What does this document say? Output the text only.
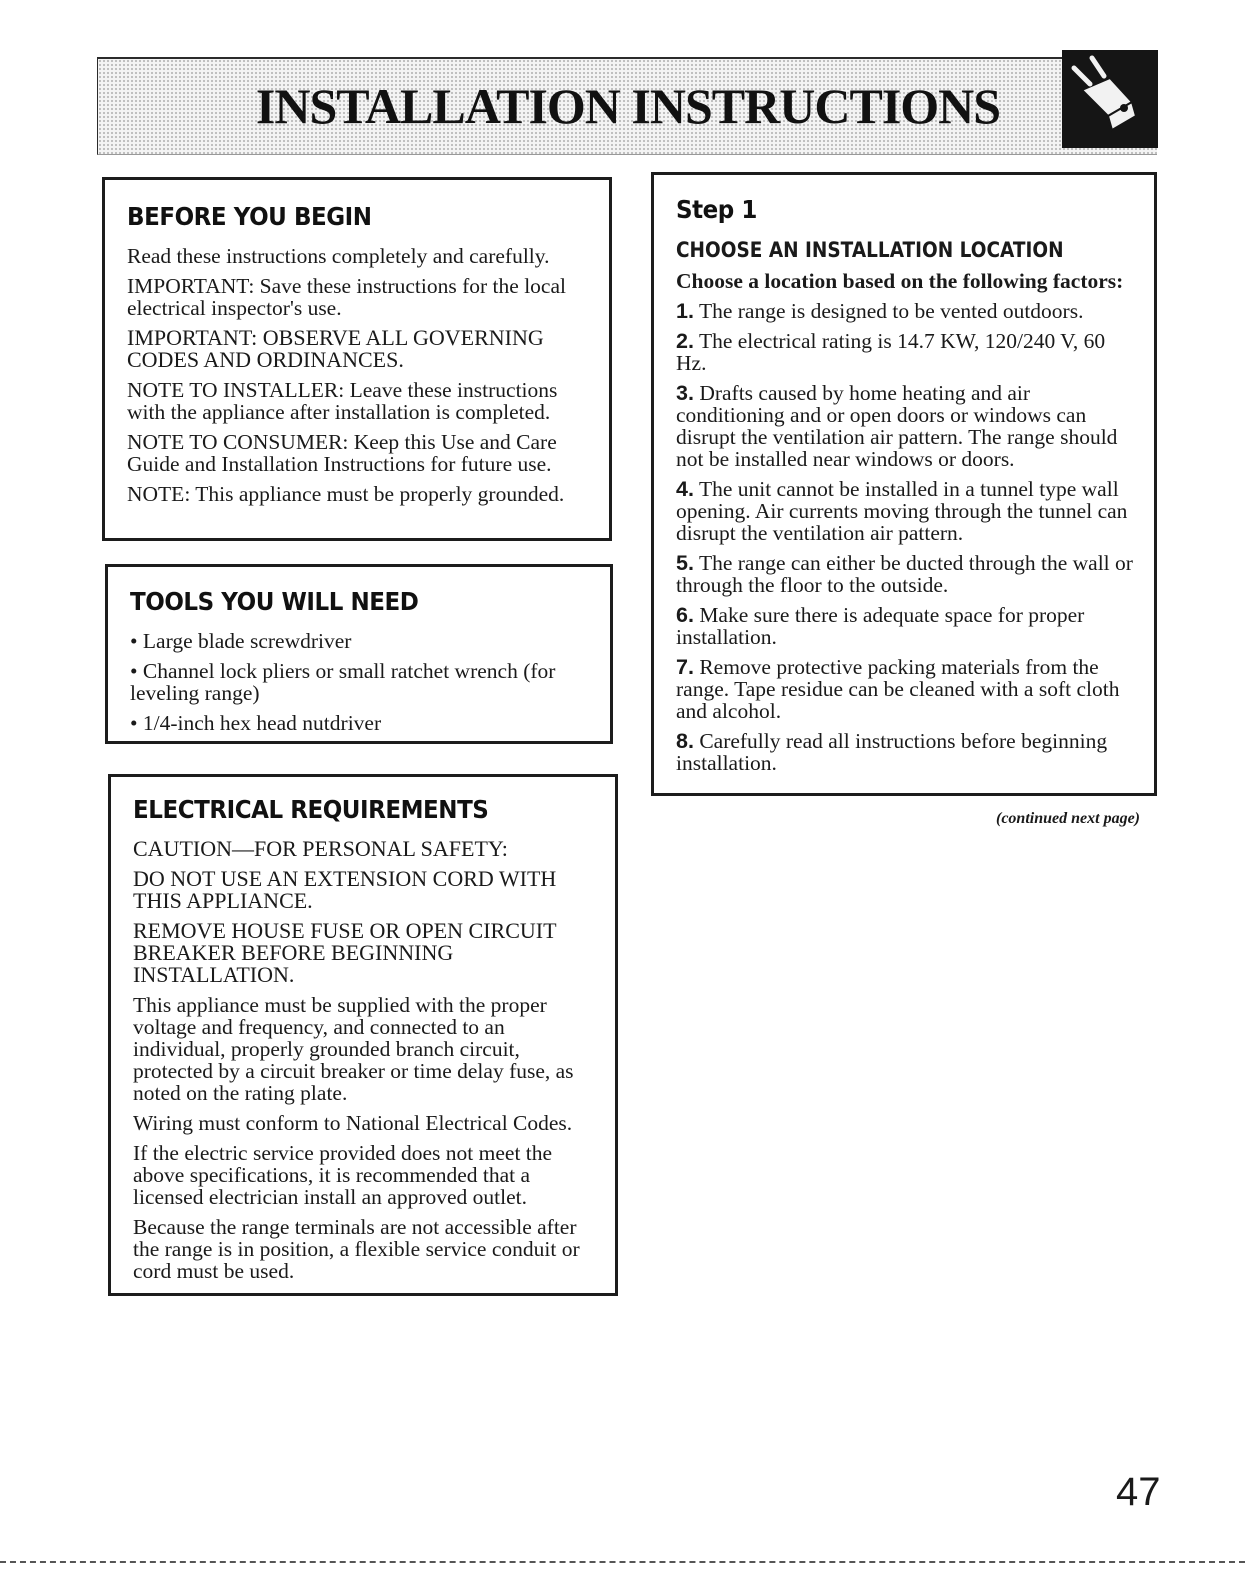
INSTALLATION INSTRUCTIONS
BEFORE YOU BEGIN

Read these instructions completely and carefully.

IMPORTANT: Save these instructions for the local electrical inspector's use.

IMPORTANT: OBSERVE ALL GOVERNING CODES AND ORDINANCES.

NOTE TO INSTALLER: Leave these instructions with the appliance after installation is completed.

NOTE TO CONSUMER: Keep this Use and Care Guide and Installation Instructions for future use.

NOTE: This appliance must be properly grounded.

TOOLS YOU WILL NEED

• Large blade screwdriver

• Channel lock pliers or small ratchet wrench (for leveling range)

• 1/4-inch hex head nutdriver

ELECTRICAL REQUIREMENTS

CAUTION—FOR PERSONAL SAFETY:

DO NOT USE AN EXTENSION CORD WITH THIS APPLIANCE.

REMOVE HOUSE FUSE OR OPEN CIRCUIT BREAKER BEFORE BEGINNING INSTALLATION.

This appliance must be supplied with the proper voltage and frequency, and connected to an individual, properly grounded branch circuit, protected by a circuit breaker or time delay fuse, as noted on the rating plate.

Wiring must conform to National Electrical Codes.

If the electric service provided does not meet the above specifications, it is recommended that a licensed electrician install an approved outlet.

Because the range terminals are not accessible after the range is in position, a flexible service conduit or cord must be used.

Step 1
CHOOSE AN INSTALLATION LOCATION

Choose a location based on the following factors:

1. The range is designed to be vented outdoors.

2. The electrical rating is 14.7 KW, 120/240 V, 60 Hz.

3. Drafts caused by home heating and air conditioning and or open doors or windows can disrupt the ventilation air pattern. The range should not be installed near windows or doors.

4. The unit cannot be installed in a tunnel type wall opening. Air currents moving through the tunnel can disrupt the ventilation air pattern.

5. The range can either be ducted through the wall or through the floor to the outside.

6. Make sure there is adequate space for proper installation.

7. Remove protective packing materials from the range. Tape residue can be cleaned with a soft cloth and alcohol.

8. Carefully read all instructions before beginning installation.

(continued next page)
47
